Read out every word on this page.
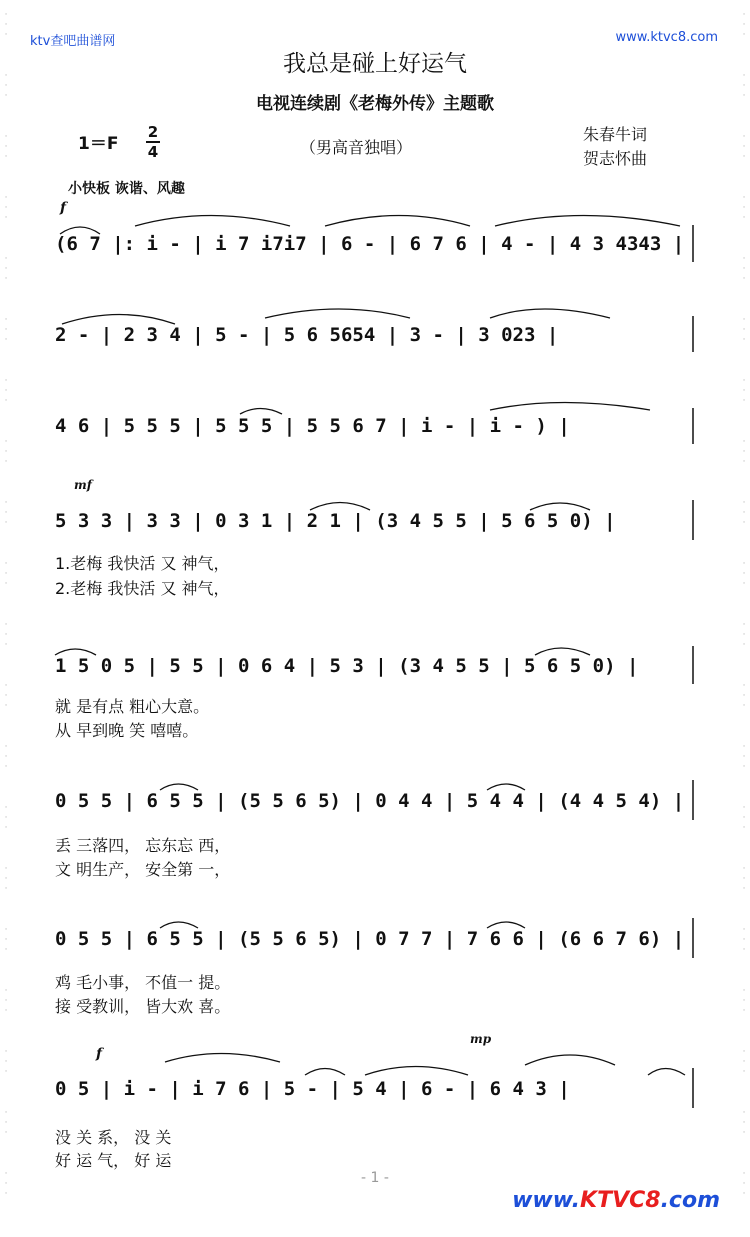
·
·
·
·
·
·
·
·
·
·
·
·
·
·
·
·
·
·
·
·
·
·
·
·
·
·
·
·
·
·
·
·
·
·
·
·
·
·
·
·
·
·
·
·
·
·
·
·
·
·
·
·
·
·
·
·
·
·
·
·
·
·
·
·
·
·
·
·
·
·
·
·
·
·
·
·
·
·
·
·
·
·
·
·
·
·
·
·
·
·
·
·
·
·
·
·
·
·
·
·
·
·
·
·
·
·
·
·
·
·
·
·
·
·
·
·
·
·
·
·
ktv查吧曲谱网	www.ktvc8.com
我总是碰上好运气
电视连续剧《老梅外传》主题歌
1＝F
2
4	（男高音独唱）
朱春牛词
贺志怀曲
小快板 诙谐、风趣
f
mf
f
mp
(6 7 |: i - | i 7 i7i7 | 6 - | 6 7 6 | 4 - | 4 3 4343 |
2 - | 2 3 4 | 5 - | 5 6 5654 | 3 - | 3 023 |
4 6 | 5 5 5 | 5 5 5 | 5 5 6 7 | i - | i - ) |
5 3 3 | 3 3 | 0 3 1 | 2 1 | (3 4 5 5 | 5 6 5 0) |
1.老梅 我快活 又 神气，
2.老梅 我快活 又 神气，
1 5 0 5 | 5 5 | 0 6 4 | 5 3 | (3 4 5 5 | 5 6 5 0) |
就 是有点 粗心大意。
从 早到晚 笑 嘻嘻。
0 5 5 | 6 5 5 | (5 5 6 5) | 0 4 4 | 5 4 4 | (4 4 5 4) |
丢 三落四， 忘东忘 西，
文 明生产， 安全第 一，
0 5 5 | 6 5 5 | (5 5 6 5) | 0 7 7 | 7 6 6 | (6 6 7 6) |
鸡 毛小事， 不值一 提。
接 受教训， 皆大欢 喜。
0 5 | i - | i 7 6 | 5 - | 5 4 | 6 - | 6 4 3 |
没 关 系， 没 关
好 运 气， 好 运
- 1 -
www.KTVC8.com
